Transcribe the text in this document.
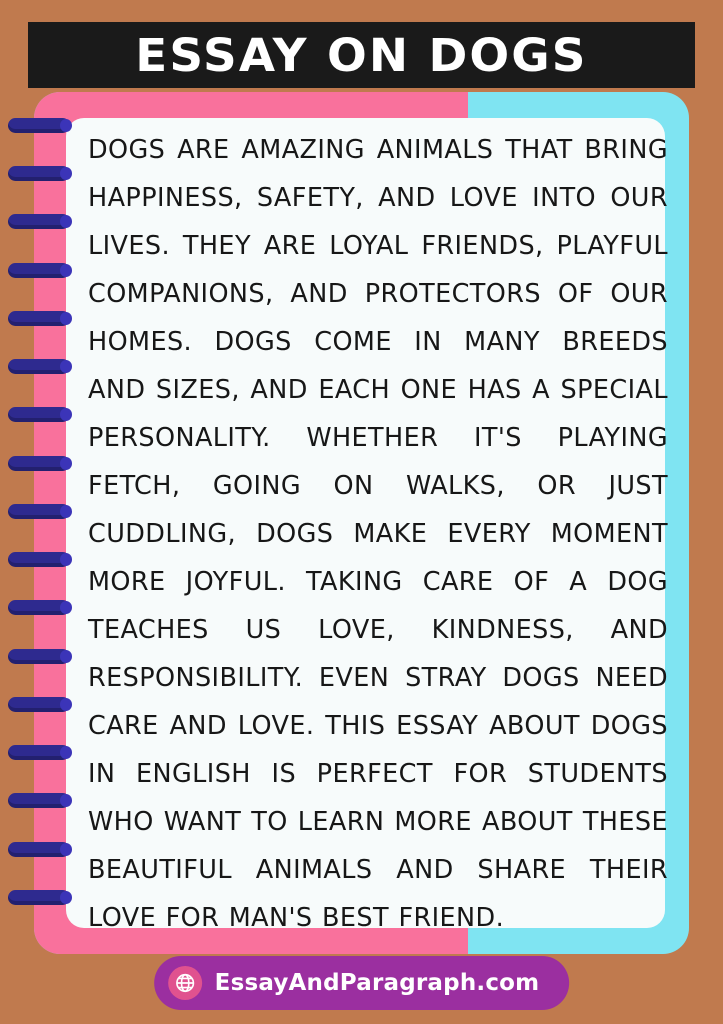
ESSAY ON DOGS
DOGS ARE AMAZING ANIMALS THAT BRING HAPPINESS, SAFETY, AND LOVE INTO OUR LIVES. THEY ARE LOYAL FRIENDS, PLAYFUL COMPANIONS, AND PROTECTORS OF OUR HOMES. DOGS COME IN MANY BREEDS AND SIZES, AND EACH ONE HAS A SPECIAL PERSONALITY. WHETHER IT'S PLAYING FETCH, GOING ON WALKS, OR JUST CUDDLING, DOGS MAKE EVERY MOMENT MORE JOYFUL. TAKING CARE OF A DOG TEACHES US LOVE, KINDNESS, AND RESPONSIBILITY. EVEN STRAY DOGS NEED CARE AND LOVE. THIS ESSAY ABOUT DOGS IN ENGLISH IS PERFECT FOR STUDENTS WHO WANT TO LEARN MORE ABOUT THESE BEAUTIFUL ANIMALS AND SHARE THEIR LOVE FOR MAN'S BEST FRIEND.
EssayAndParagraph.com
